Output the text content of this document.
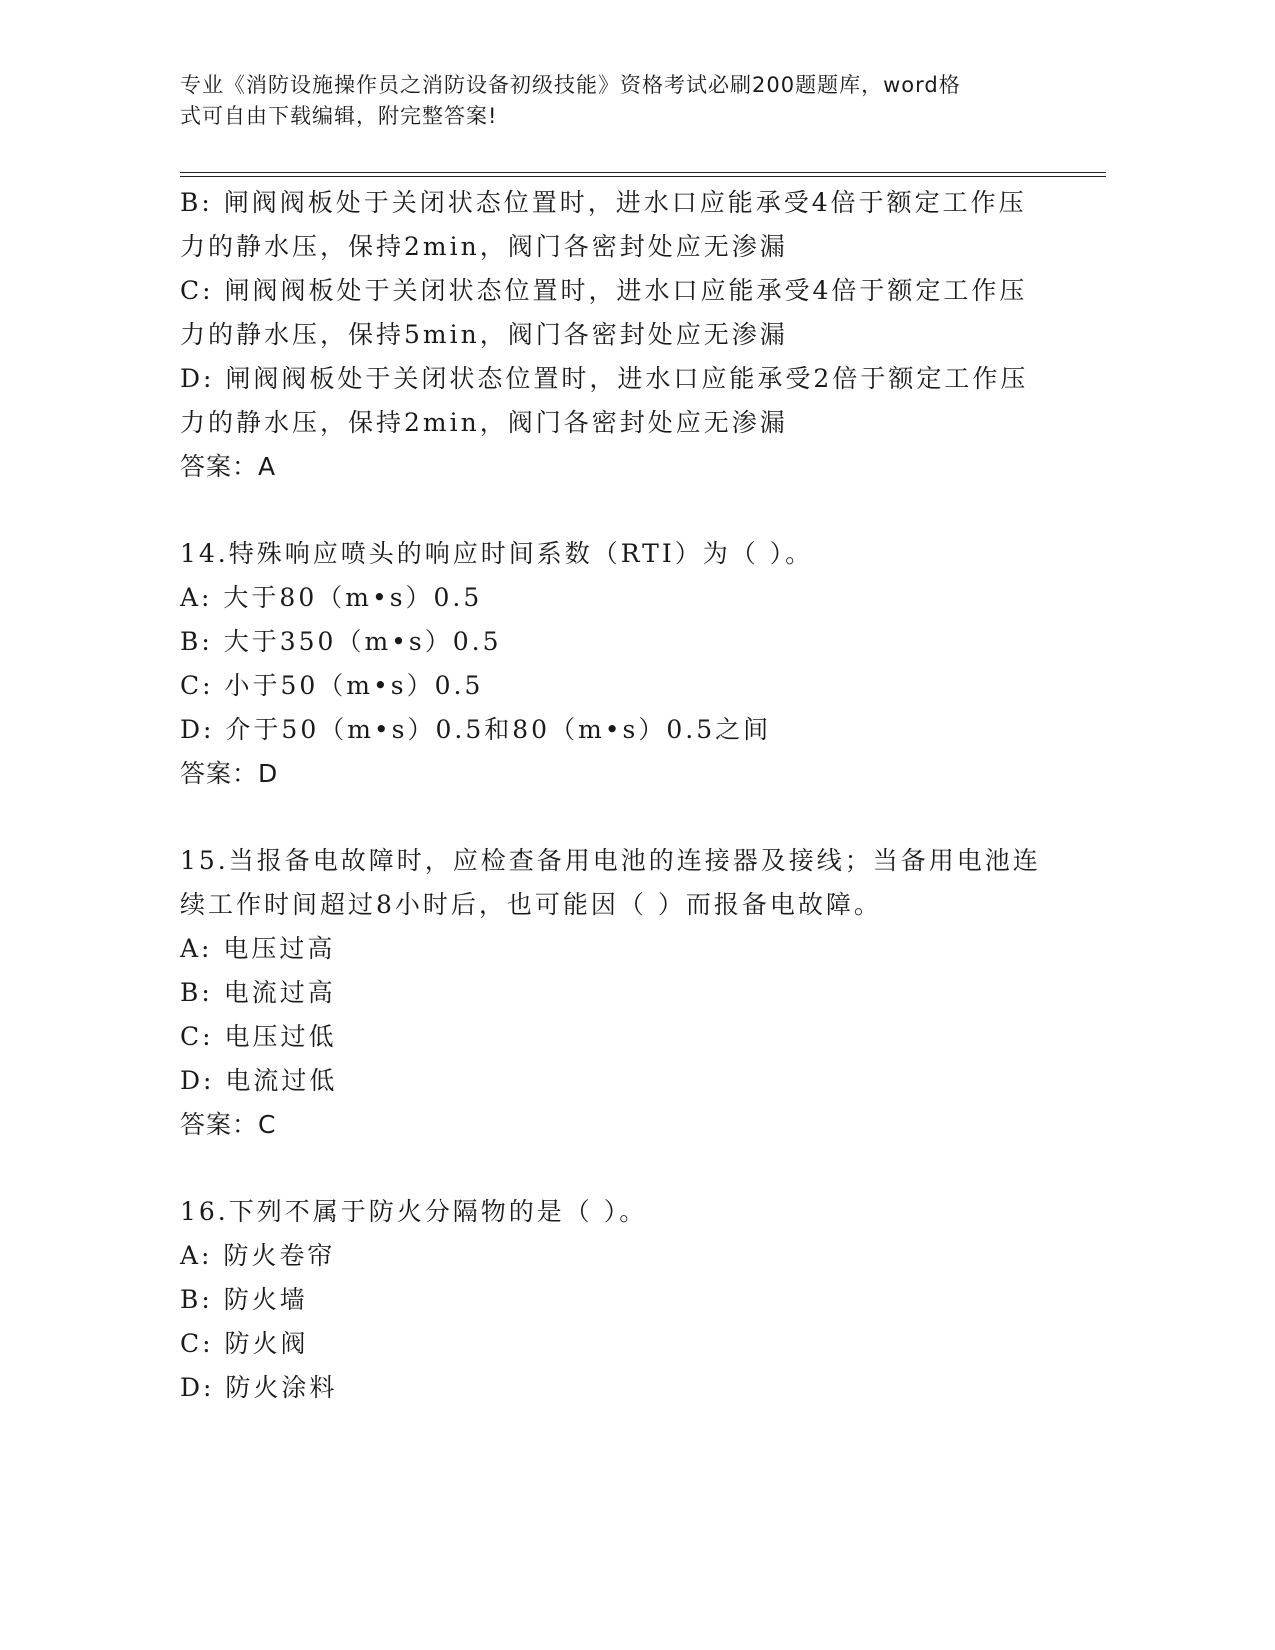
专业《消防设施操作员之消防设备初级技能》资格考试必刷200题题库，word格
式可自由下载编辑，附完整答案!
B: 闸阀阀板处于关闭状态位置时，进水口应能承受4倍于额定工作压
力的静水压，保持2min，阀门各密封处应无渗漏
C: 闸阀阀板处于关闭状态位置时，进水口应能承受4倍于额定工作压
力的静水压，保持5min，阀门各密封处应无渗漏
D: 闸阀阀板处于关闭状态位置时，进水口应能承受2倍于额定工作压
力的静水压，保持2min，阀门各密封处应无渗漏
答案：A
14.特殊响应喷头的响应时间系数（RTI）为（ ）。
A: 大于80（m•s）0.5
B: 大于350（m•s）0.5
C: 小于50（m•s）0.5
D: 介于50（m•s）0.5和80（m•s）0.5之间
答案：D
15.当报备电故障时，应检查备用电池的连接器及接线；当备用电池连
续工作时间超过8小时后，也可能因（ ）而报备电故障。
A: 电压过高
B: 电流过高
C: 电压过低
D: 电流过低
答案：C
16.下列不属于防火分隔物的是（ ）。
A: 防火卷帘
B: 防火墙
C: 防火阀
D: 防火涂料
